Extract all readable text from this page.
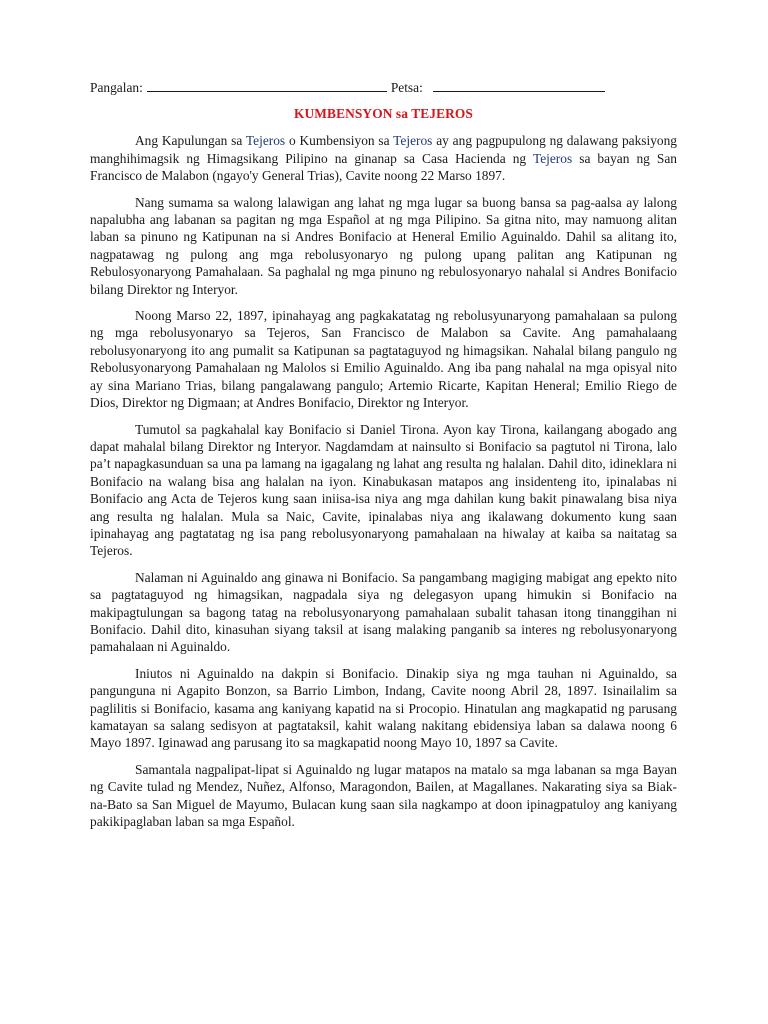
Pangalan:	Petsa:
KUMBENSYON sa TEJEROS

Ang Kapulungan sa Tejeros o Kumbensiyon sa Tejeros ay ang pagpupulong ng dalawang paksiyong manghihimagsik ng Himagsikang Pilipino na ginanap sa Casa Hacienda ng Tejeros sa bayan ng San Francisco de Malabon (ngayo'y General Trias), Cavite noong 22 Marso 1897.

Nang sumama sa walong lalawigan ang lahat ng mga lugar sa buong bansa sa pag-aalsa ay lalong napalubha ang labanan sa pagitan ng mga Español at ng mga Pilipino. Sa gitna nito, may namuong alitan laban sa pinuno ng Katipunan na si Andres Bonifacio at Heneral Emilio Aguinaldo. Dahil sa alitang ito, nagpatawag ng pulong ang mga rebolusyonaryo ng pulong upang palitan ang Katipunan ng Rebulosyonaryong Pamahalaan. Sa paghalal ng mga pinuno ng rebulosyonaryo nahalal si Andres Bonifacio bilang Direktor ng Interyor.

Noong Marso 22, 1897, ipinahayag ang pagkakatatag ng rebolusyunaryong pamahalaan sa pulong ng mga rebolusyonaryo sa Tejeros, San Francisco de Malabon sa Cavite. Ang pamahalaang rebolusyonaryong ito ang pumalit sa Katipunan sa pagtataguyod ng himagsikan. Nahalal bilang pangulo ng Rebolusyonaryong Pamahalaan ng Malolos si Emilio Aguinaldo. Ang iba pang nahalal na mga opisyal nito ay sina Mariano Trias, bilang pangalawang pangulo; Artemio Ricarte, Kapitan Heneral; Emilio Riego de Dios, Direktor ng Digmaan; at Andres Bonifacio, Direktor ng Interyor.

Tumutol sa pagkahalal kay Bonifacio si Daniel Tirona. Ayon kay Tirona, kailangang abogado ang dapat mahalal bilang Direktor ng Interyor. Nagdamdam at nainsulto si Bonifacio sa pagtutol ni Tirona, lalo pa’t napagkasunduan sa una pa lamang na igagalang ng lahat ang resulta ng halalan. Dahil dito, idineklara ni Bonifacio na walang bisa ang halalan na iyon. Kinabukasan matapos ang insidenteng ito, ipinalabas ni Bonifacio ang Acta de Tejeros kung saan iniisa-isa niya ang mga dahilan kung bakit pinawalang bisa niya ang resulta ng halalan. Mula sa Naic, Cavite, ipinalabas niya ang ikalawang dokumento kung saan ipinahayag ang pagtatatag ng isa pang rebolusyonaryong pamahalaan na hiwalay at kaiba sa naitatag sa Tejeros.

Nalaman ni Aguinaldo ang ginawa ni Bonifacio. Sa pangambang magiging mabigat ang epekto nito sa pagtataguyod ng himagsikan, nagpadala siya ng delegasyon upang himukin si Bonifacio na makipagtulungan sa bagong tatag na rebolusyonaryong pamahalaan subalit tahasan itong tinanggihan ni Bonifacio. Dahil dito, kinasuhan siyang taksil at isang malaking panganib sa interes ng rebolusyonaryong pamahalaan ni Aguinaldo.

Iniutos ni Aguinaldo na dakpin si Bonifacio. Dinakip siya ng mga tauhan ni Aguinaldo, sa pangunguna ni Agapito Bonzon, sa Barrio Limbon, Indang, Cavite noong Abril 28, 1897. Isinailalim sa paglilitis si Bonifacio, kasama ang kaniyang kapatid na si Procopio. Hinatulan ang magkapatid ng parusang kamatayan sa salang sedisyon at pagtataksil, kahit walang nakitang ebidensiya laban sa dalawa noong 6 Mayo 1897. Iginawad ang parusang ito sa magkapatid noong Mayo 10, 1897 sa Cavite.

Samantala nagpalipat-lipat si Aguinaldo ng lugar matapos na matalo sa mga labanan sa mga Bayan ng Cavite tulad ng Mendez, Nuñez, Alfonso, Maragondon, Bailen, at Magallanes. Nakarating siya sa Biak-na-Bato sa San Miguel de Mayumo, Bulacan kung saan sila nagkampo at doon ipinagpatuloy ang kaniyang pakikipaglaban laban sa mga Español.
